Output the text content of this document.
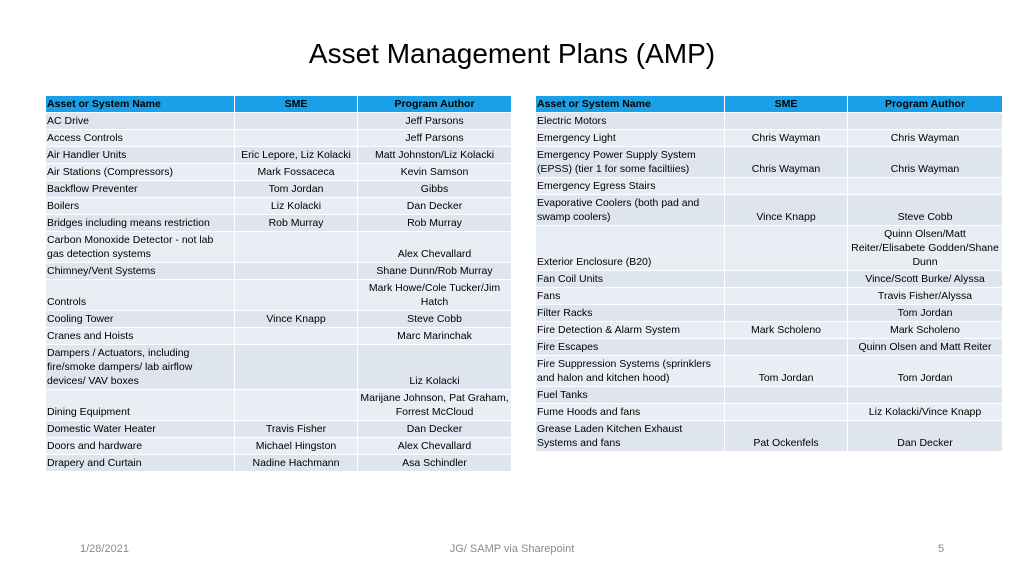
Asset Management Plans (AMP)
Asset or System Name	SME	Program Author
AC Drive		Jeff Parsons
Access Controls		Jeff Parsons
Air Handler Units	Eric Lepore, Liz Kolacki	Matt Johnston/Liz Kolacki
Air Stations (Compressors)	Mark Fossaceca	Kevin Samson
Backflow Preventer	Tom Jordan	Gibbs
Boilers	Liz Kolacki	Dan Decker
Bridges including means restriction	Rob Murray	Rob Murray
Carbon Monoxide Detector - not lab gas detection systems		Alex Chevallard
Chimney/Vent Systems		Shane Dunn/Rob Murray
Controls		Mark Howe/Cole Tucker/Jim Hatch
Cooling Tower	Vince Knapp	Steve Cobb
Cranes and Hoists		Marc Marinchak
Dampers / Actuators, including fire/smoke dampers/ lab airflow devices/ VAV boxes		Liz Kolacki
Dining Equipment		Marijane Johnson, Pat Graham, Forrest McCloud
Domestic Water Heater	Travis Fisher	Dan Decker
Doors and hardware	Michael Hingston	Alex Chevallard
Drapery and Curtain	Nadine Hachmann	Asa Schindler
Asset or System Name	SME	Program Author
Electric Motors		
Emergency Light	Chris Wayman	Chris Wayman
Emergency Power Supply System (EPSS) (tier 1 for some faciltiies)	Chris Wayman	Chris Wayman
Emergency Egress Stairs		
Evaporative Coolers (both pad and swamp coolers)	Vince Knapp	Steve Cobb
Exterior Enclosure (B20)		Quinn Olsen/Matt Reiter/Elisabete Godden/Shane Dunn
Fan Coil Units		Vince/Scott Burke/ Alyssa
Fans		Travis Fisher/Alyssa
Filter Racks		Tom Jordan
Fire Detection & Alarm System	Mark Scholeno	Mark Scholeno
Fire Escapes		Quinn Olsen and Matt Reiter
Fire Suppression Systems (sprinklers and halon and kitchen hood)	Tom Jordan	Tom Jordan
Fuel Tanks		
Fume Hoods and fans		Liz Kolacki/Vince Knapp
Grease Laden Kitchen Exhaust Systems and fans	Pat Ockenfels	Dan Decker
1/28/2021	JG/ SAMP via Sharepoint	5
